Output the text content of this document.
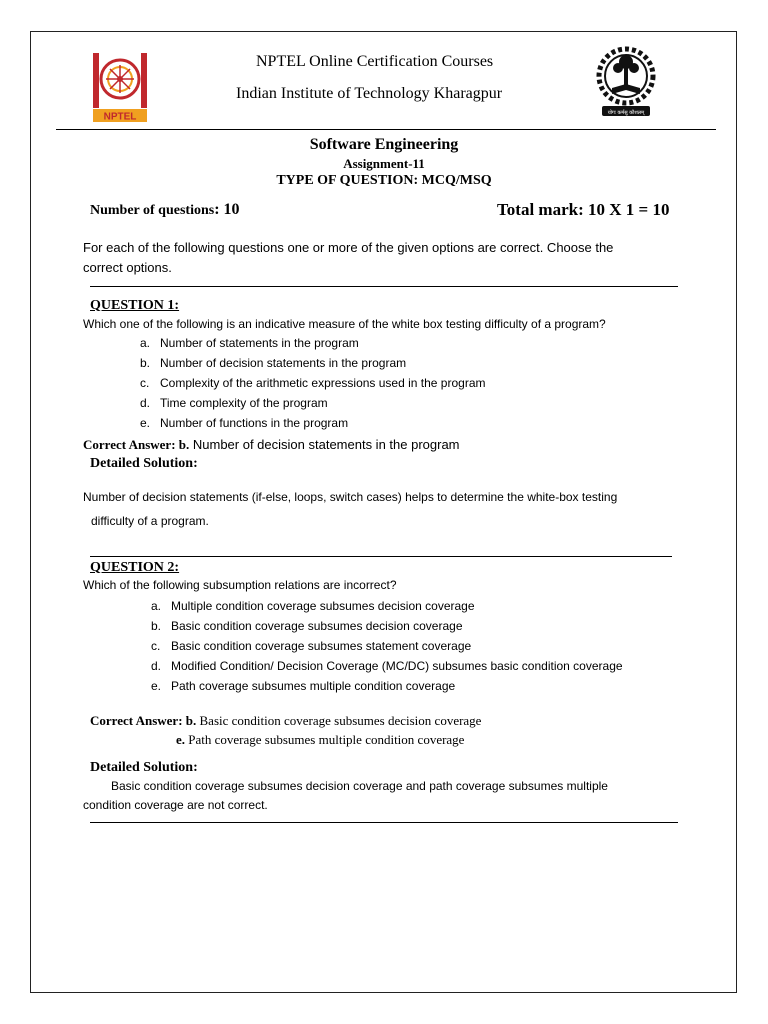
NPTEL	योगः कर्मसु कौशलम्
NPTEL Online Certification Courses
Indian Institute of Technology Kharagpur
Software Engineering
Assignment-11
TYPE OF QUESTION: MCQ/MSQ
Number of questions: 10	Total mark: 10 X 1 = 10
For each of the following questions one or more of the given options are correct. Choose the
correct options.
QUESTION 1:
Which one of the following is an indicative measure of the white box testing difficulty of a program?
a. Number of statements in the program
b. Number of decision statements in the program
c. Complexity of the arithmetic expressions used in the program
d. Time complexity of the program
e. Number of functions in the program
Correct Answer: b. Number of decision statements in the program
Detailed Solution:
Number of decision statements (if-else, loops, switch cases) helps to determine the white-box testing
difficulty of a program.
QUESTION 2:
Which of the following subsumption relations are incorrect?
a. Multiple condition coverage subsumes decision coverage
b. Basic condition coverage subsumes decision coverage
c. Basic condition coverage subsumes statement coverage
d. Modified Condition/ Decision Coverage (MC/DC) subsumes basic condition coverage
e. Path coverage subsumes multiple condition coverage
Correct Answer: b. Basic condition coverage subsumes decision coverage
e. Path coverage subsumes multiple condition coverage
Detailed Solution:
Basic condition coverage subsumes decision coverage and path coverage subsumes multiple
condition coverage are not correct.
